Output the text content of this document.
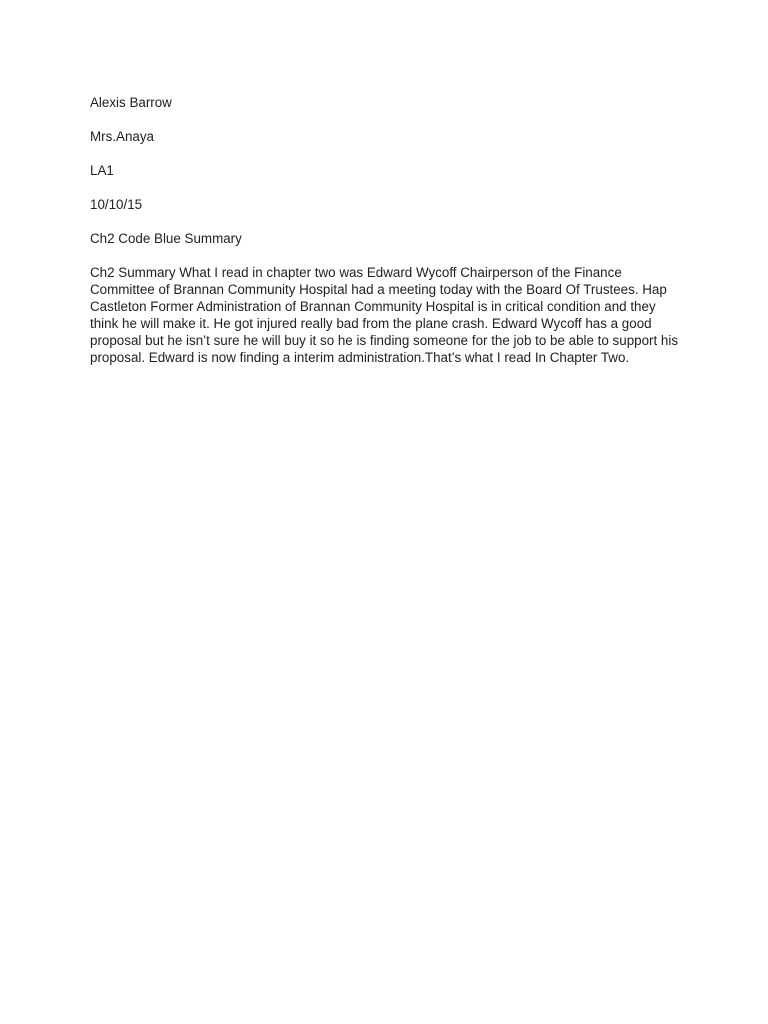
Alexis Barrow

Mrs.Anaya

LA1

10/10/15

Ch2 Code Blue Summary

Ch2 Summary What I read in chapter two was Edward Wycoff Chairperson of the Finance Committee of Brannan Community Hospital had a meeting today with the Board Of Trustees. Hap Castleton Former Administration of Brannan Community Hospital is in critical condition and they think he will make it. He got injured really bad from the plane crash. Edward Wycoff has a good proposal but he isn’t sure he will buy it so he is finding someone for the job to be able to support his proposal. Edward is now finding a interim administration.That’s what I read In Chapter Two.
